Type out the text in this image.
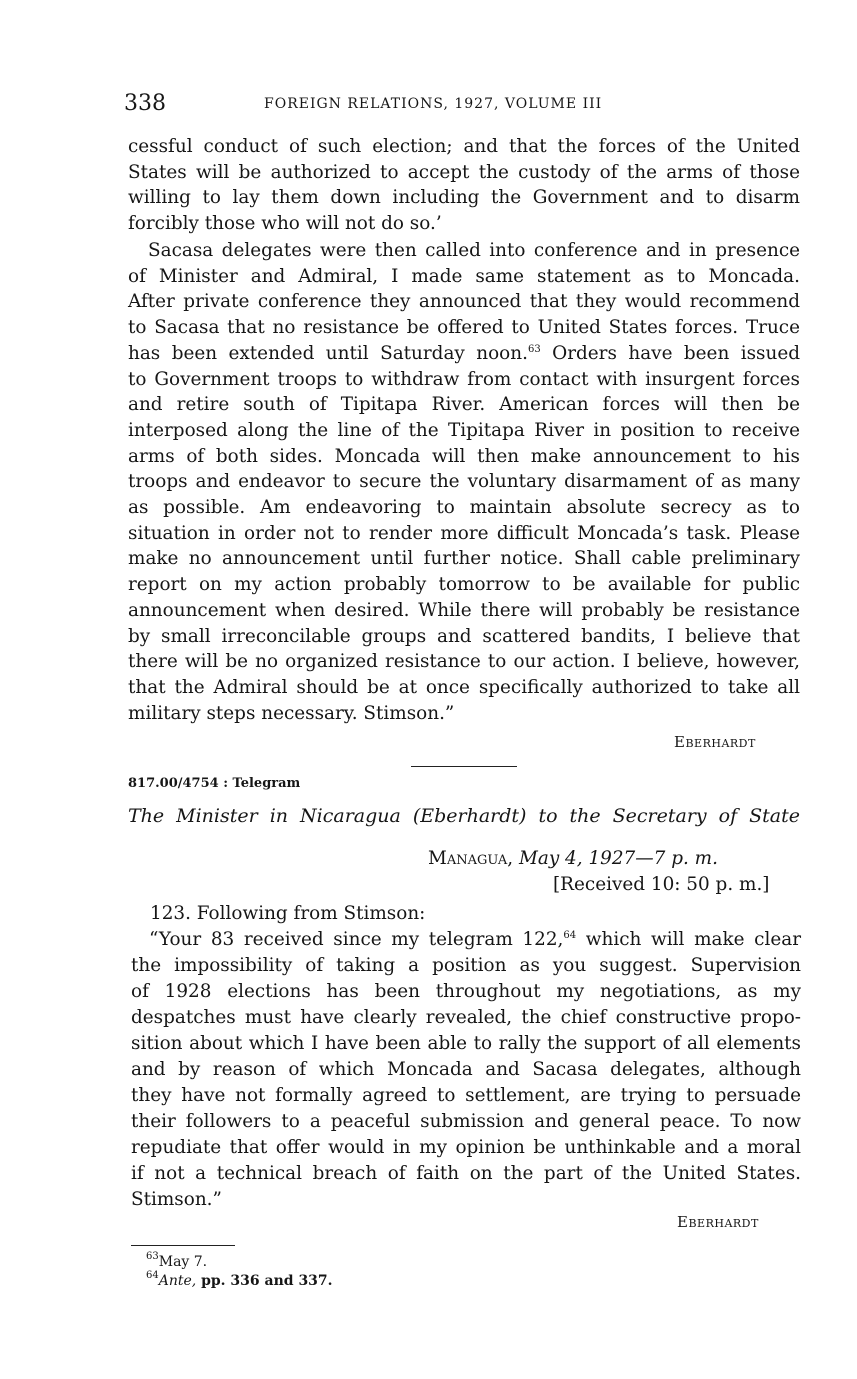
338	FOREIGN RELATIONS, 1927, VOLUME III
cessful conduct of such election; and that the forces of the United
States will be authorized to accept the custody of the arms of those
willing to lay them down including the Government and to disarm
forcibly those who will not do so.’
Sacasa delegates were then called into conference and in presence
of Minister and Admiral, I made same statement as to Moncada.
After private conference they announced that they would recommend
to Sacasa that no resistance be offered to United States forces. Truce
has been extended until Saturday noon.$^{63}$ Orders have been issued
to Government troops to withdraw from contact with insurgent forces
and retire south of Tipitapa River. American forces will then be
interposed along the line of the Tipitapa River in position to receive
arms of both sides. Moncada will then make announcement to his
troops and endeavor to secure the voluntary disarmament of as many
as possible. Am endeavoring to maintain absolute secrecy as to
situation in order not to render more difficult Moncada’s task. Please
make no announcement until further notice. Shall cable preliminary
report on my action probably tomorrow to be available for public
announcement when desired. While there will probably be resistance
by small irreconcilable groups and scattered bandits, I believe that
there will be no organized resistance to our action. I believe, however,
that the Admiral should be at once specifically authorized to take all
military steps necessary. Stimson.”
Eberhardt
817.00/4754 : Telegram
The Minister in Nicaragua (Eberhardt) to the Secretary of State
Managua, May 4, 1927—7 p. m.
[Received 10: 50 p. m.]
123. Following from Stimson:
“Your 83 received since my telegram 122,64 which will make clear
the impossibility of taking a position as you suggest. Supervision
of 1928 elections has been throughout my negotiations, as my
despatches must have clearly revealed, the chief constructive propo-
sition about which I have been able to rally the support of all elements
and by reason of which Moncada and Sacasa delegates, although
they have not formally agreed to settlement, are trying to persuade
their followers to a peaceful submission and general peace. To now
repudiate that offer would in my opinion be unthinkable and a moral
if not a technical breach of faith on the part of the United States.
Stimson.”
Eberhardt
$^{63}$May 7.
$^{64}$Ante, pp. 336 and 337.
